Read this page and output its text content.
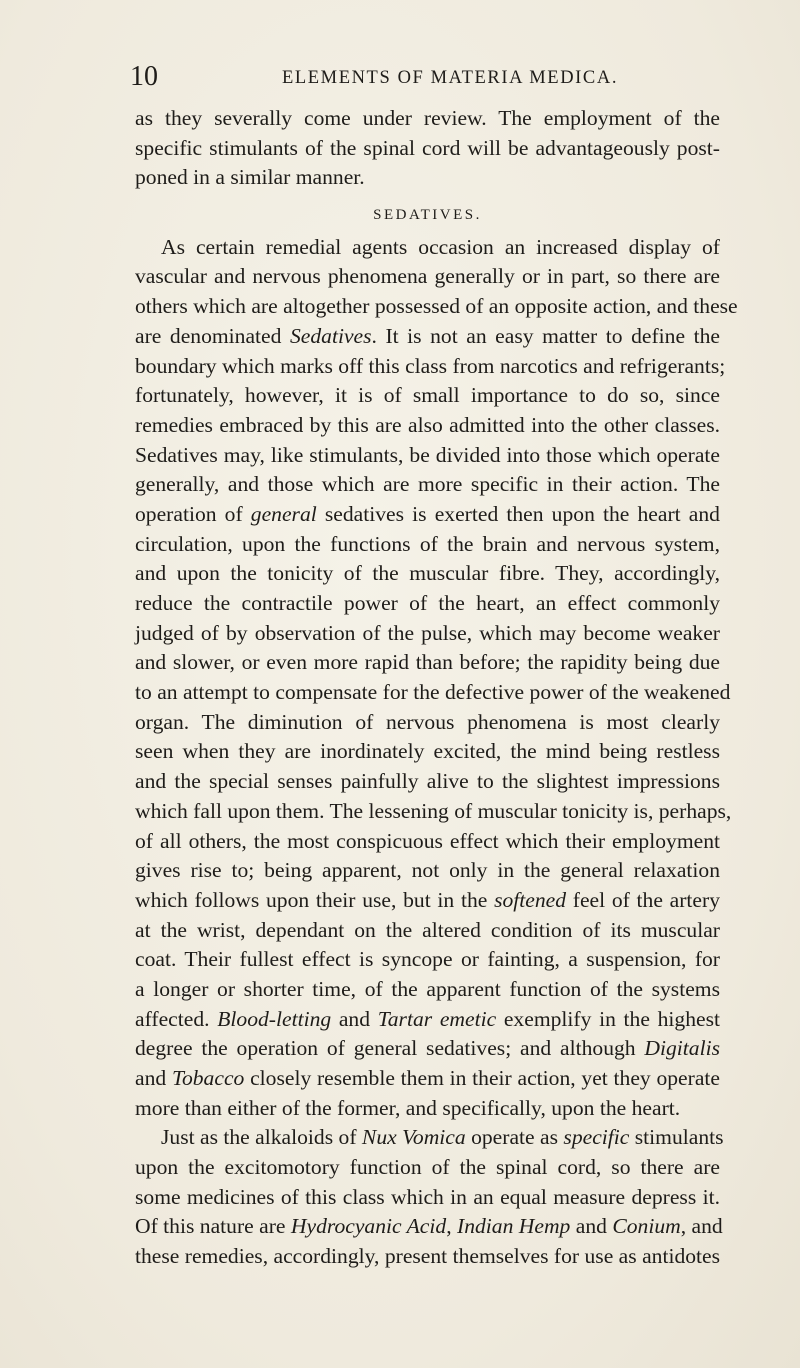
10	ELEMENTS OF MATERIA MEDICA.
as they severally come under review. The employment of the
specific stimulants of the spinal cord will be advantageously post-
poned in a similar manner.
SEDATIVES.
As certain remedial agents occasion an increased display of
vascular and nervous phenomena generally or in part, so there are
others which are altogether possessed of an opposite action, and these
are denominated Sedatives. It is not an easy matter to define the
boundary which marks off this class from narcotics and refrigerants;
fortunately, however, it is of small importance to do so, since
remedies embraced by this are also admitted into the other classes.
Sedatives may, like stimulants, be divided into those which operate
generally, and those which are more specific in their action. The
operation of general sedatives is exerted then upon the heart and
circulation, upon the functions of the brain and nervous system,
and upon the tonicity of the muscular fibre. They, accordingly,
reduce the contractile power of the heart, an effect commonly
judged of by observation of the pulse, which may become weaker
and slower, or even more rapid than before; the rapidity being due
to an attempt to compensate for the defective power of the weakened
organ. The diminution of nervous phenomena is most clearly
seen when they are inordinately excited, the mind being restless
and the special senses painfully alive to the slightest impressions
which fall upon them. The lessening of muscular tonicity is, perhaps,
of all others, the most conspicuous effect which their employment
gives rise to; being apparent, not only in the general relaxation
which follows upon their use, but in the softened feel of the artery
at the wrist, dependant on the altered condition of its muscular
coat. Their fullest effect is syncope or fainting, a suspension, for
a longer or shorter time, of the apparent function of the systems
affected. Blood-letting and Tartar emetic exemplify in the highest
degree the operation of general sedatives; and although Digitalis
and Tobacco closely resemble them in their action, yet they operate
more than either of the former, and specifically, upon the heart.
Just as the alkaloids of Nux Vomica operate as specific stimulants
upon the excitomotory function of the spinal cord, so there are
some medicines of this class which in an equal measure depress it.
Of this nature are Hydrocyanic Acid, Indian Hemp and Conium, and
these remedies, accordingly, present themselves for use as antidotes
